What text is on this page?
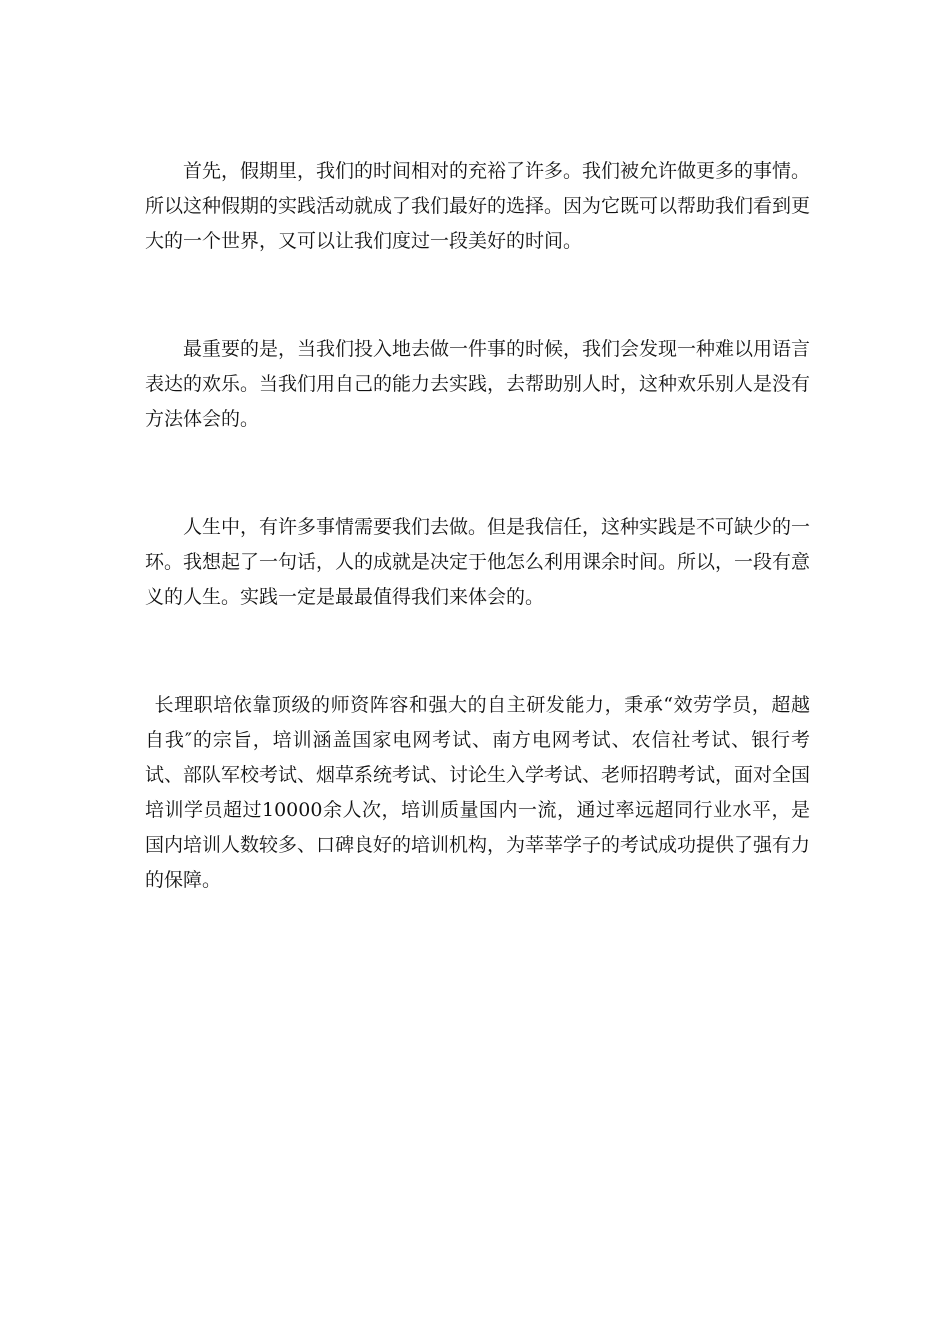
首先，假期里，我们的时间相对的充裕了许多。我们被允许做更多的事情。所以这种假期的实践活动就成了我们最好的选择。因为它既可以帮助我们看到更大的一个世界，又可以让我们度过一段美好的时间。

最重要的是，当我们投入地去做一件事的时候，我们会发现一种难以用语言表达的欢乐。当我们用自己的能力去实践，去帮助别人时，这种欢乐别人是没有方法体会的。

人生中，有许多事情需要我们去做。但是我信任，这种实践是不可缺少的一环。我想起了一句话，人的成就是决定于他怎么利用课余时间。所以，一段有意义的人生。实践一定是最最值得我们来体会的。

长理职培依靠顶级的师资阵容和强大的自主研发能力，秉承“效劳学员，超越自我″的宗旨，培训涵盖国家电网考试、南方电网考试、农信社考试、银行考试、部队军校考试、烟草系统考试、讨论生入学考试、老师招聘考试，面对全国培训学员超过10000余人次，培训质量国内一流，通过率远超同行业水平，是国内培训人数较多、口碑良好的培训机构，为莘莘学子的考试成功提供了强有力的保障。
